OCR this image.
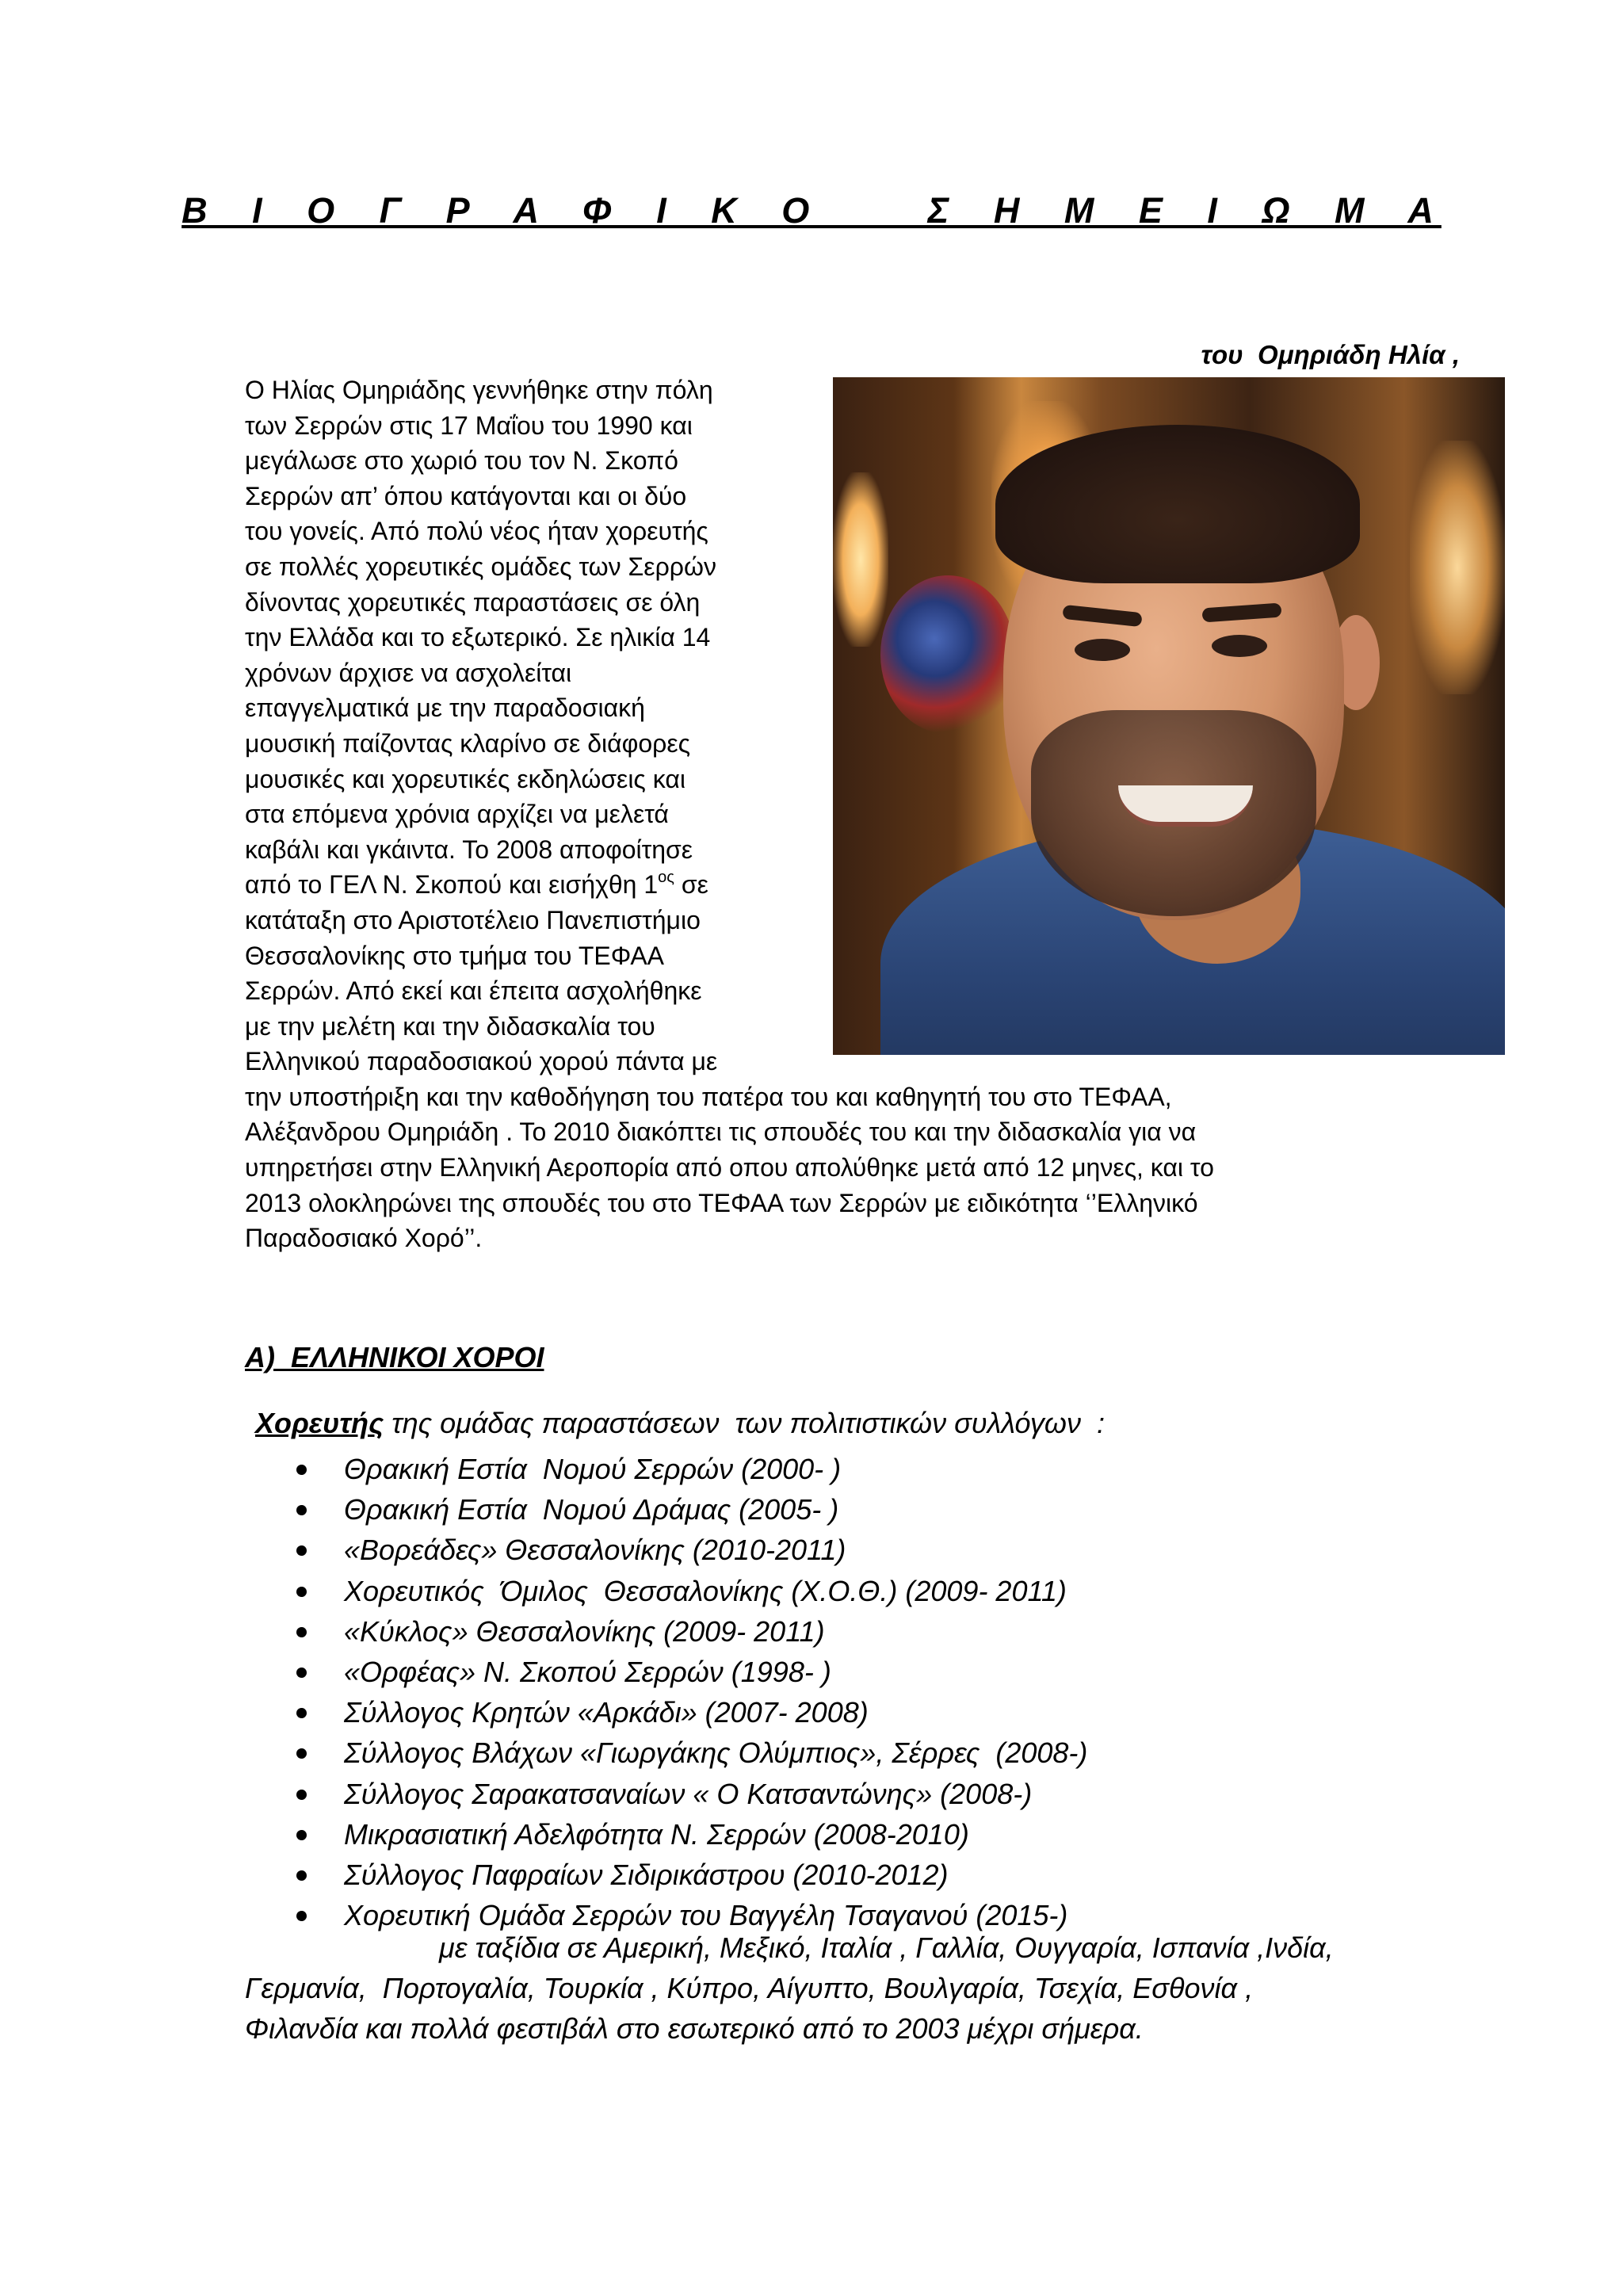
Β Ι Ο Γ Ρ Α Φ Ι Κ Ο   Σ Η Μ Ε Ι Ω Μ Α

του  Ομηριάδη Ηλία ,

Ο Ηλίας Ομηριάδης γεννήθηκε στην πόλη
των Σερρών στις 17 Μαΐου του 1990 και
μεγάλωσε στο χωριό του τον Ν. Σκοπό
Σερρών απ’ όπου κατάγονται και οι δύο
του γονείς. Από πολύ νέος ήταν χορευτής
σε πολλές χορευτικές ομάδες των Σερρών
δίνοντας χορευτικές παραστάσεις σε όλη
την Ελλάδα και το εξωτερικό. Σε ηλικία 14
χρόνων άρχισε να ασχολείται
επαγγελματικά με την παραδοσιακή
μουσική παίζοντας κλαρίνο σε διάφορες
μουσικές και χορευτικές εκδηλώσεις και
στα επόμενα χρόνια αρχίζει να μελετά
καβάλι και γκάιντα. Το 2008 αποφοίτησε
από το ΓΕΛ Ν. Σκοπού και εισήχθη $1^{o\varsigma}$ σε
κατάταξη στο Αριστοτέλειο Πανεπιστήμιο
Θεσσαλονίκης στο τμήμα του ΤΕΦΑΑ
Σερρών. Από εκεί και έπειτα ασχολήθηκε
με την μελέτη και την διδασκαλία του
Ελληνικού παραδοσιακού χορού πάντα με
την υποστήριξη και την καθοδήγηση του πατέρα του και καθηγητή του στο ΤΕΦΑΑ,
Αλέξανδρου Ομηριάδη . Το 2010 διακόπτει τις σπουδές του και την διδασκαλία για να
υπηρετήσει στην Ελληνική Αεροπορία από οπου απολύθηκε μετά από 12 μηνες, και το
2013 ολοκληρώνει της σπουδές του στο ΤΕΦΑΑ των Σερρών με ειδικότητα ‘’Ελληνικό
Παραδοσιακό Χορό’’.
Α)  ΕΛΛΗΝΙΚΟΙ ΧΟΡΟΙ
Χορευτής της ομάδας παραστάσεων  των πολιτιστικών συλλόγων  :
Θρακική Εστία  Νομού Σερρών (2000- )
Θρακική Εστία  Νομού Δράμας (2005- )
«Βορεάδες» Θεσσαλονίκης (2010-2011)
Χορευτικός  Όμιλος  Θεσσαλονίκης (Χ.Ο.Θ.) (2009- 2011)
«Κύκλος» Θεσσαλονίκης (2009- 2011)
«Ορφέας» Ν. Σκοπού Σερρών (1998- )
Σύλλογος Κρητών «Αρκάδι» (2007- 2008)
Σύλλογος Βλάχων «Γιωργάκης Ολύμπιος», Σέρρες  (2008-)
Σύλλογος Σαρακατσαναίων « Ο Κατσαντώνης» (2008-)
Μικρασιατική Αδελφότητα Ν. Σερρών (2008-2010)
Σύλλογος Παφραίων Σιδιρικάστρου (2010-2012)
Χορευτική Ομάδα Σερρών του Βαγγέλη Τσαγανού (2015-)
με ταξίδια σε Αμερική, Μεξικό, Ιταλία , Γαλλία, Ουγγαρία, Ισπανία ,Ινδία,
Γερμανία,  Πορτογαλία, Τουρκία , Κύπρο, Αίγυπτο, Βουλγαρία, Τσεχία, Εσθονία ,
Φιλανδία και πολλά φεστιβάλ στο εσωτερικό από το 2003 μέχρι σήμερα.
